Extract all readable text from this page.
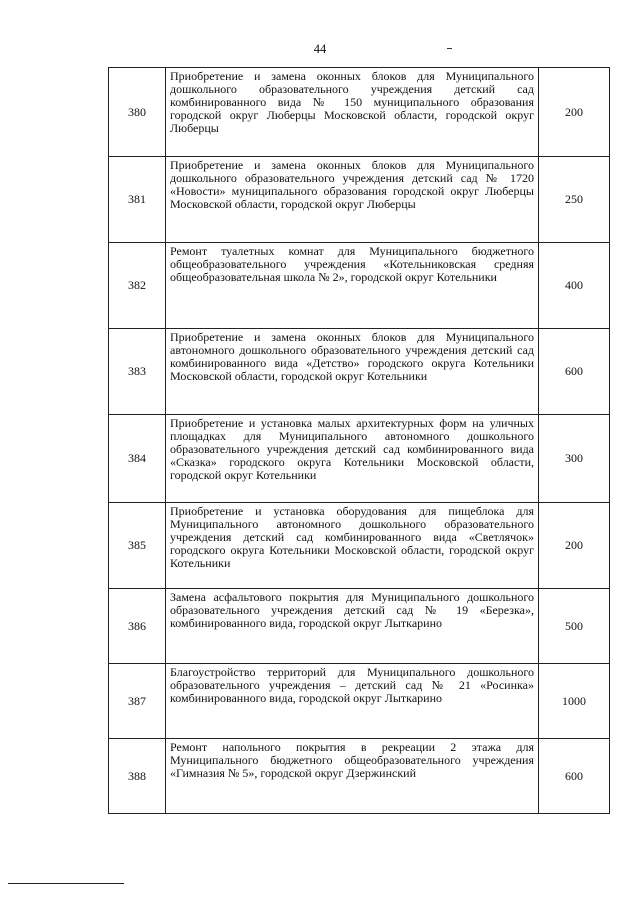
44
380	Приобретение и замена оконных блоков для Муниципального дошкольного образовательного учреждения детский сад комбинированного вида № 150 муниципального образования городской округ Люберцы Московской области, городской округ Люберцы	200
381	Приобретение и замена оконных блоков для Муниципального дошкольного образовательного учреждения детский сад № 1720 «Новости» муниципального образования городской округ Люберцы Московской области, городской округ Люберцы	250
382	Ремонт туалетных комнат для Муниципального бюджетного общеобразовательного учреждения «Котельниковская средняя общеобразовательная школа № 2», городской округ Котельники	400
383	Приобретение и замена оконных блоков для Муниципального автономного дошкольного образовательного учреждения детский сад комбинированного вида «Детство» городского округа Котельники Московской области, городской округ Котельники	600
384	Приобретение и установка малых архитектурных форм на уличных площадках для Муниципального автономного дошкольного образовательного учреждения детский сад комбинированного вида «Сказка» городского округа Котельники Московской области, городской округ Котельники	300
385	Приобретение и установка оборудования для пищеблока для Муниципального автономного дошкольного образовательного учреждения детский сад комбинированного вида «Светлячок» городского округа Котельники Московской области, городской округ Котельники	200
386	Замена асфальтового покрытия для Муниципального дошкольного образовательного учреждения детский сад № 19 «Березка», комбинированного вида, городской округ Лыткарино	500
387	Благоустройство территорий для Муниципального дошкольного образовательного учреждения – детский сад № 21 «Росинка» комбинированного вида, городской округ Лыткарино	1000
388	Ремонт напольного покрытия в рекреации 2 этажа для Муниципального бюджетного общеобразовательного учреждения «Гимназия № 5», городской округ Дзержинский	600
